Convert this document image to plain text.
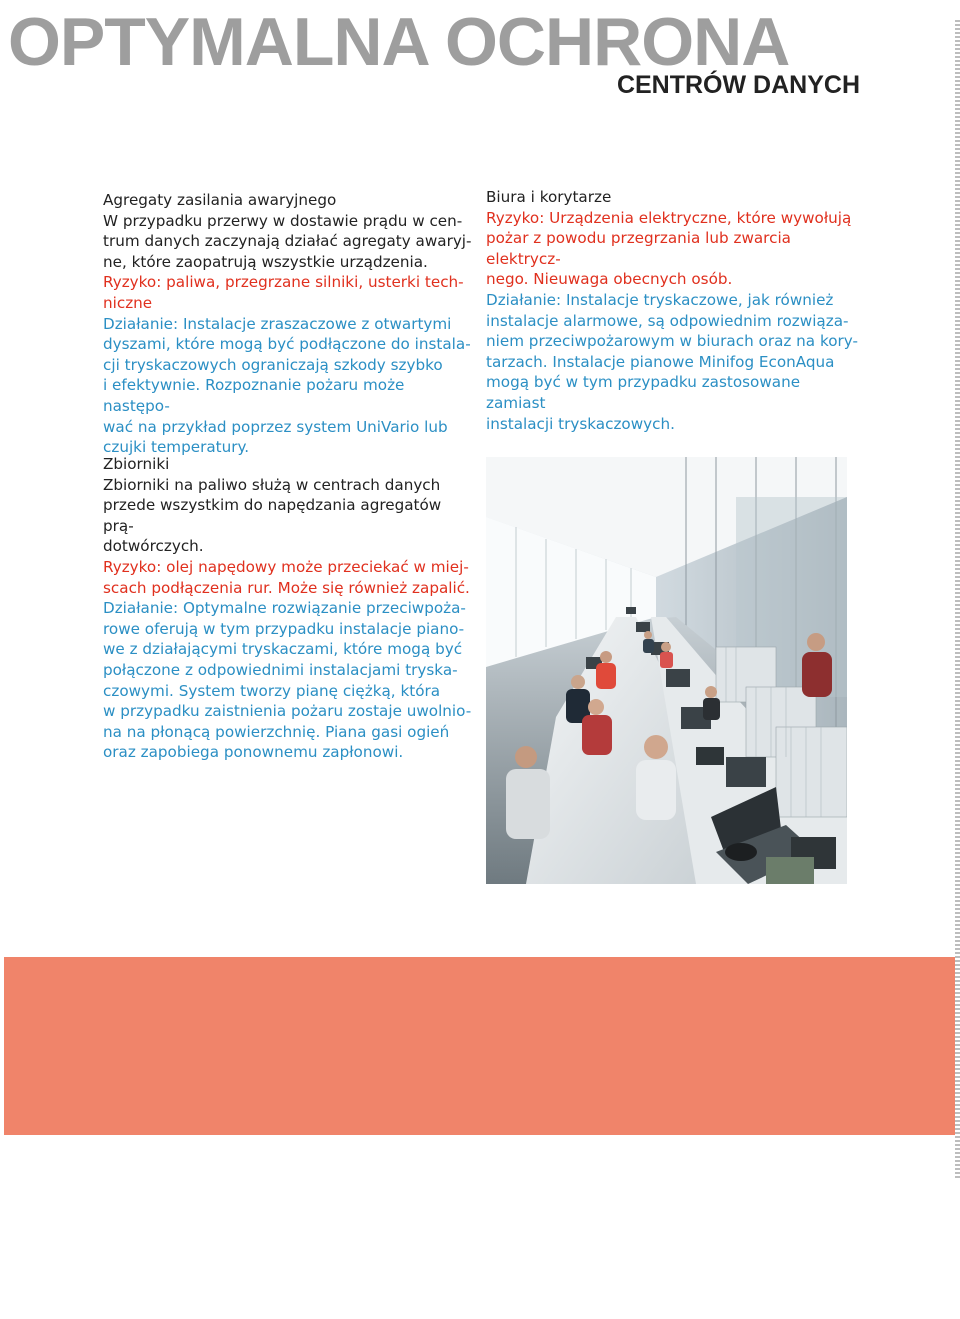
OPTYMALNA OCHRONA
CENTRÓW DANYCH

Agregaty zasilania awaryjnego

W przypadku przerwy w dostawie prądu w cen-

trum danych zaczynają działać agregaty awaryj-

ne, które zaopatrują wszystkie urządzenia.

Ryzyko: paliwa, przegrzane silniki, usterki tech-

niczne

Działanie: Instalacje zraszaczowe z otwartymi

dyszami, które mogą być podłączone do instala-

cji tryskaczowych ograniczają szkody szybko

i efektywnie. Rozpoznanie pożaru może następo-

wać na przykład poprzez system UniVario lub

czujki temperatury.

Biura i korytarze

Ryzyko: Urządzenia elektryczne, które wywołują

pożar z powodu przegrzania lub zwarcia elektrycz-

nego. Nieuwaga obecnych osób.

Działanie: Instalacje tryskaczowe, jak również

instalacje alarmowe, są odpowiednim rozwiąza-

niem przeciwpożarowym w biurach oraz na kory-

tarzach. Instalacje pianowe Minifog EconAqua

mogą być w tym przypadku zastosowane zamiast

instalacji tryskaczowych.

Zbiorniki

Zbiorniki na paliwo służą w centrach danych

przede wszystkim do napędzania agregatów prą-

dotwórczych.

Ryzyko: olej napędowy może przeciekać w miej-

scach podłączenia rur. Może się również zapalić.

Działanie: Optymalne rozwiązanie przeciwpoża-

rowe oferują w tym przypadku instalacje piano-

we z działającymi tryskaczami, które mogą być

połączone z odpowiednimi instalacjami tryska-

czowymi. System tworzy pianę ciężką, która

w przypadku zaistnienia pożaru zostaje uwolnio-

na na płonącą powierzchnię. Piana gasi ogień

oraz zapobiega ponownemu zapłonowi.
